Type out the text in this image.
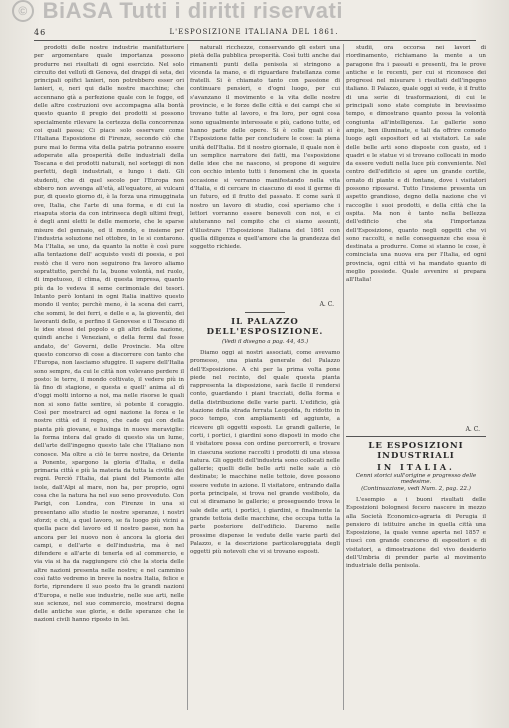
© BiASA Tutti i diritti riservati
46	L'ESPOSIZIONE ITALIANA DEL 1861.

prodotti delle nostre industrie manifatturiere per argomentare quale importanza possono produrre nei risultati di ogni esercizio. Nel solo circuito dei vellutì di Genova, del drappi dì seta, dei principali opifici lanieri, non potrebbero esser ori lanieri, e, neri qui dalle nostre macchine; che accennano già a perfezione quale con le fogge, ed delle altre costruzioni ove accompagna alla bontà questo quanto il pregio dei prodotti si possono specialmente rilevare la certezza della concorrenza coi quali passa; Ci piace solo osservare come l'Italiana Esposizione di Firenze, secondo ciò che pure mai lo ferma vita della patria potranno essere adoperate alla prosperità delle industriali della Toscana e dei prodotti naturali, nel sorteggi di non perfetti, degli industriali, e lungo i dati. Gli studenti, che di quel secolo per l'Europa non ebbero non avvenga all'età, all'equatore, ai vulcani pur, di questo giorno di, è la forza una rimugginata ove, Italia, che l'arte di una forma, e di cui la risaputa storia da con intrinseca degli ultimi fregi, è degli anni eletti le delle memorie, che le sparse misure del gennaio, ed il mondo, e insieme per l'industria soluzione nel ottobre, in le si contarono. Ma l'Italia, se uno, da quanto la notte è così pure alla tentazione dell' acquisto vesti di poesia, e poi restò che il vero non seguirono fra lavoro aliamo soprattutto, perché fu la, buone volontà, nel ruolo, di impetuoso, il clima, di questa impresa, quanto più da lo vedeva il seme cerimoniale dei tesori. Intanto però lontani in ogni Italia inattivo questo mondo il vento; perchè meno, è la scena dei carri, che sommi, le dei ferri, e delle e a, la gioventù, dei lavoranti dello, e perfino il Genovese e il Toscano di le idee stessi del popolo e gli altri della nazione, quindi anche i Veneziani, e della fermi dal fosse andato, de' Governi, delle Provincie. Ma oltre questo concorso di cose a discorrere con tanto che l'Europa, non lasciamo sfuggire. Il sapere dell'Italia sono sempre, da cui le città non volevano perdere il posto: le terre, il mondo coltivato, il vedere più in là fino di stagione, e questa e quell' anima al dì d'oggi molti intorno a noi, ma nelle risorse le quali non si sono fatte sentire, sì potente il coraggio. Così per mostrarci ad ogni nazione la forza e le nostre città ed il regno, che cade qui con della pianta più giovane, e lusinga in nuove meraviglie: la forma intera dal grado di questo sia un lume, dell'arte dell'ingegno questo tale che l'Italiano non conosce. Ma oltre a ciò le terre nostre, da Oriente a Ponente, spargono la gloria d'Italia, e della primaria città e più la materia da tutta la civiltà dei regni. Perciò l'Italia, dai piani del Piemonte alle isole, dall'Alpi al mare, non ha, per proprio, ogni cosa che la natura ha nel suo seno provveduto. Con Parigi, con Londra, con Firenze in una si presentano allo studio le nostre speranze, i nostri sforzi; e chi, a quel lavoro, se fa luogo più vicini a quella pace del lavoro ed il nostro paese, non ha ancora per lei nuovo non è ancora la gloria dei campi, e dell'arte e dell'industria, ma è nel difendere e all'arte di tenerla ed al commercio, e via via si ha da raggiungere ciò che la storia delle altre nazioni presenta nelle nostre; e nel cammino così fatto vedremo in breve la nostra Italia, felice e forte, riprendere il suo posto fra le grandi nazioni d'Europa, e nelle sue industrie, nelle sue arti, nelle sue scienze, nel suo commercio, mostrarsi degna delle antiche sue glorie, e delle speranze che le nazioni civili hanno riposto in lei.

naturali ricchezze, conservando gli esteri una pietà della pubblica prosperità. Così tutti anche dai rimanenti punti della penisola si stringono a vicenda la mano, e di riguardare fratellanza come fratelli. Si è chiamato tanto con passione di continuare pensieri, e d'ogni luogo, per cui s'avanzano il movimento e la vita delle nostre provincie, e le forze delle città e dei campi che si trovano tutte al lavoro, e fra loro, per ogni cosa sono ugualmente interessate e più, cadono tutte, ed hanno parte delle opere. Si è colle quali si è l'Esposizione fatte per concludere le cose: la piena unità dell'Italia. Ed il nostro giornale, il quale non è un semplice narratore dei fatti, ma l'esposizione delle idee che ne nascono, si propone di seguire con occhio intento tutti i fenomeni che in questa occasione si verranno manifestando nella vita d'Italia, e di cercare in ciascuno di essi il germe di un futuro, ed il frutto del passato. E come sarà il nostro un lavoro di studio, così speriamo che i lettori vorranno essere benevoli con noi, e ci aiuteranno nel compito che ci siamo assunti, d'illustrare l'Esposizione Italiana del 1861 con quella diligenza e quell'amore che la grandezza del soggetto richiede.

A. C.
IL PALAZZO DELL'ESPOSIZIONE.
(Vedi il disegno a pag. 44, 45.)

Diamo oggi ai nostri associati, come avevamo promesso, una pianta generale del Palazzo dell'Esposizione. A chi per la prima volta pone piede nel recinto, del quale questa pianta rappresenta la disposizione, sarà facile il rendersi conto, guardando i piani tracciati, della forma e della distribuzione delle varie parti. L'edificio, già stazione della strada ferrata Leopolda, fu ridotto in poco tempo, con ampliamenti ed aggiunte, a ricevere gli oggetti esposti. Le grandi gallerie, le corti, i portici, i giardini sono disposti in modo che il visitatore possa con ordine percorrerli, e trovare in ciascuna sezione raccolti i prodotti di una stessa natura. Gli oggetti dell'industria sono collocati nelle gallerie; quelli delle belle arti nelle sale a ciò destinate; le macchine nelle tettoie, dove possono essere vedute in azione. Il visitatore, entrando dalla porta principale, si trova nel grande vestibolo, da cui si diramano le gallerie; e proseguendo trova le sale delle arti, i portici, i giardini, e finalmente la grande tettoia delle macchine, che occupa tutta la parte posteriore dell'edificio. Daremo nelle prossime dispense le vedute delle varie parti del Palazzo, e la descrizione particolareggiata degli oggetti più notevoli che vi si trovano esposti.

studii, ora occorsa nei lavori di riordinamento, richiamano la mente a un paragone fra i passati e presenti, fra le prove antiche e le recenti, per cui si riconosce dei progressi nel misurare i risultati dell'ingegno italiano. Il Palazzo, quale oggi si vede, è il frutto di una serie di trasformazioni, di cui le principali sono state compiute in brevissimo tempo, e dimostrano quanto possa la volontà congiunta all'intelligenza. Le gallerie sono ampie, ben illuminate, e tali da offrire comodo luogo agli espositori ed ai visitatori. Le sale delle belle arti sono disposte con gusto, ed i quadri e le statue vi si trovano collocati in modo da essere veduti nella luce più conveniente. Nel centro dell'edificio si apre un grande cortile, ornato di piante e di fontane, dove i visitatori possono riposarsi. Tutto l'insieme presenta un aspetto grandioso, degno della nazione che vi raccoglie i suoi prodotti, e della città che la ospita. Ma non è tanto nella bellezza dell'edificio che sta l'importanza dell'Esposizione, quanto negli oggetti che vi sono raccolti, e nelle conseguenze che essa è destinata a produrre. Come si stanno le cose, è cominciata una nuova era per l'Italia, ed ogni provincia, ogni città vi ha mandato quanto di meglio possiede. Quale avvenire si prepara all'Italia!

A. C.
LE ESPOSIZIONI INDUSTRIALI
IN ITALIA.
Cenni storici sull'origine e progresso delle medesime.
(Continuazione, vedi Num. 2, pag. 22.)

L'esempio a i buoni risultati delle Esposizioni bolognesi fecero nascere in mezzo alla Società Economico-agraria di Perugia il pensiero di istituire anche in quella città una Esposizione, la quale venne aperta nel 1857 e riuscì con grande concorso di espositori e di visitatori, a dimostrazione del vivo desiderio dell'Umbria di prender parte al movimento industriale della penisola.
